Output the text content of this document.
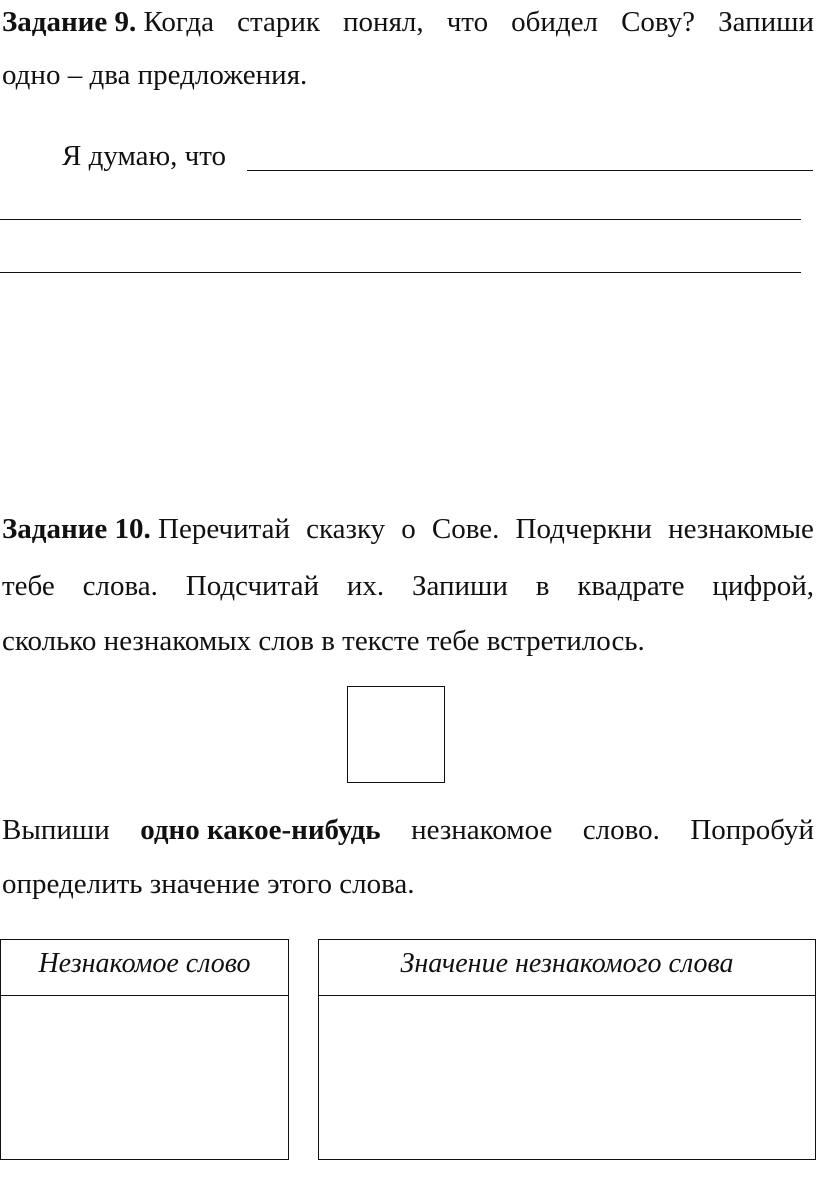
Задание 9. Когда старик понял, что обидел Сову? Запиши
одно – два предложения.
Я думаю, что
Задание 10. Перечитай сказку о Сове. Подчеркни незнакомые
тебе слова. Подсчитай их. Запиши в квадрате цифрой,
сколько незнакомых слов в тексте тебе встретилось.
Выпиши одно какое-нибудь незнакомое слово. Попробуй
определить значение этого слова.
Незнакомое слово	Значение незнакомого слова
